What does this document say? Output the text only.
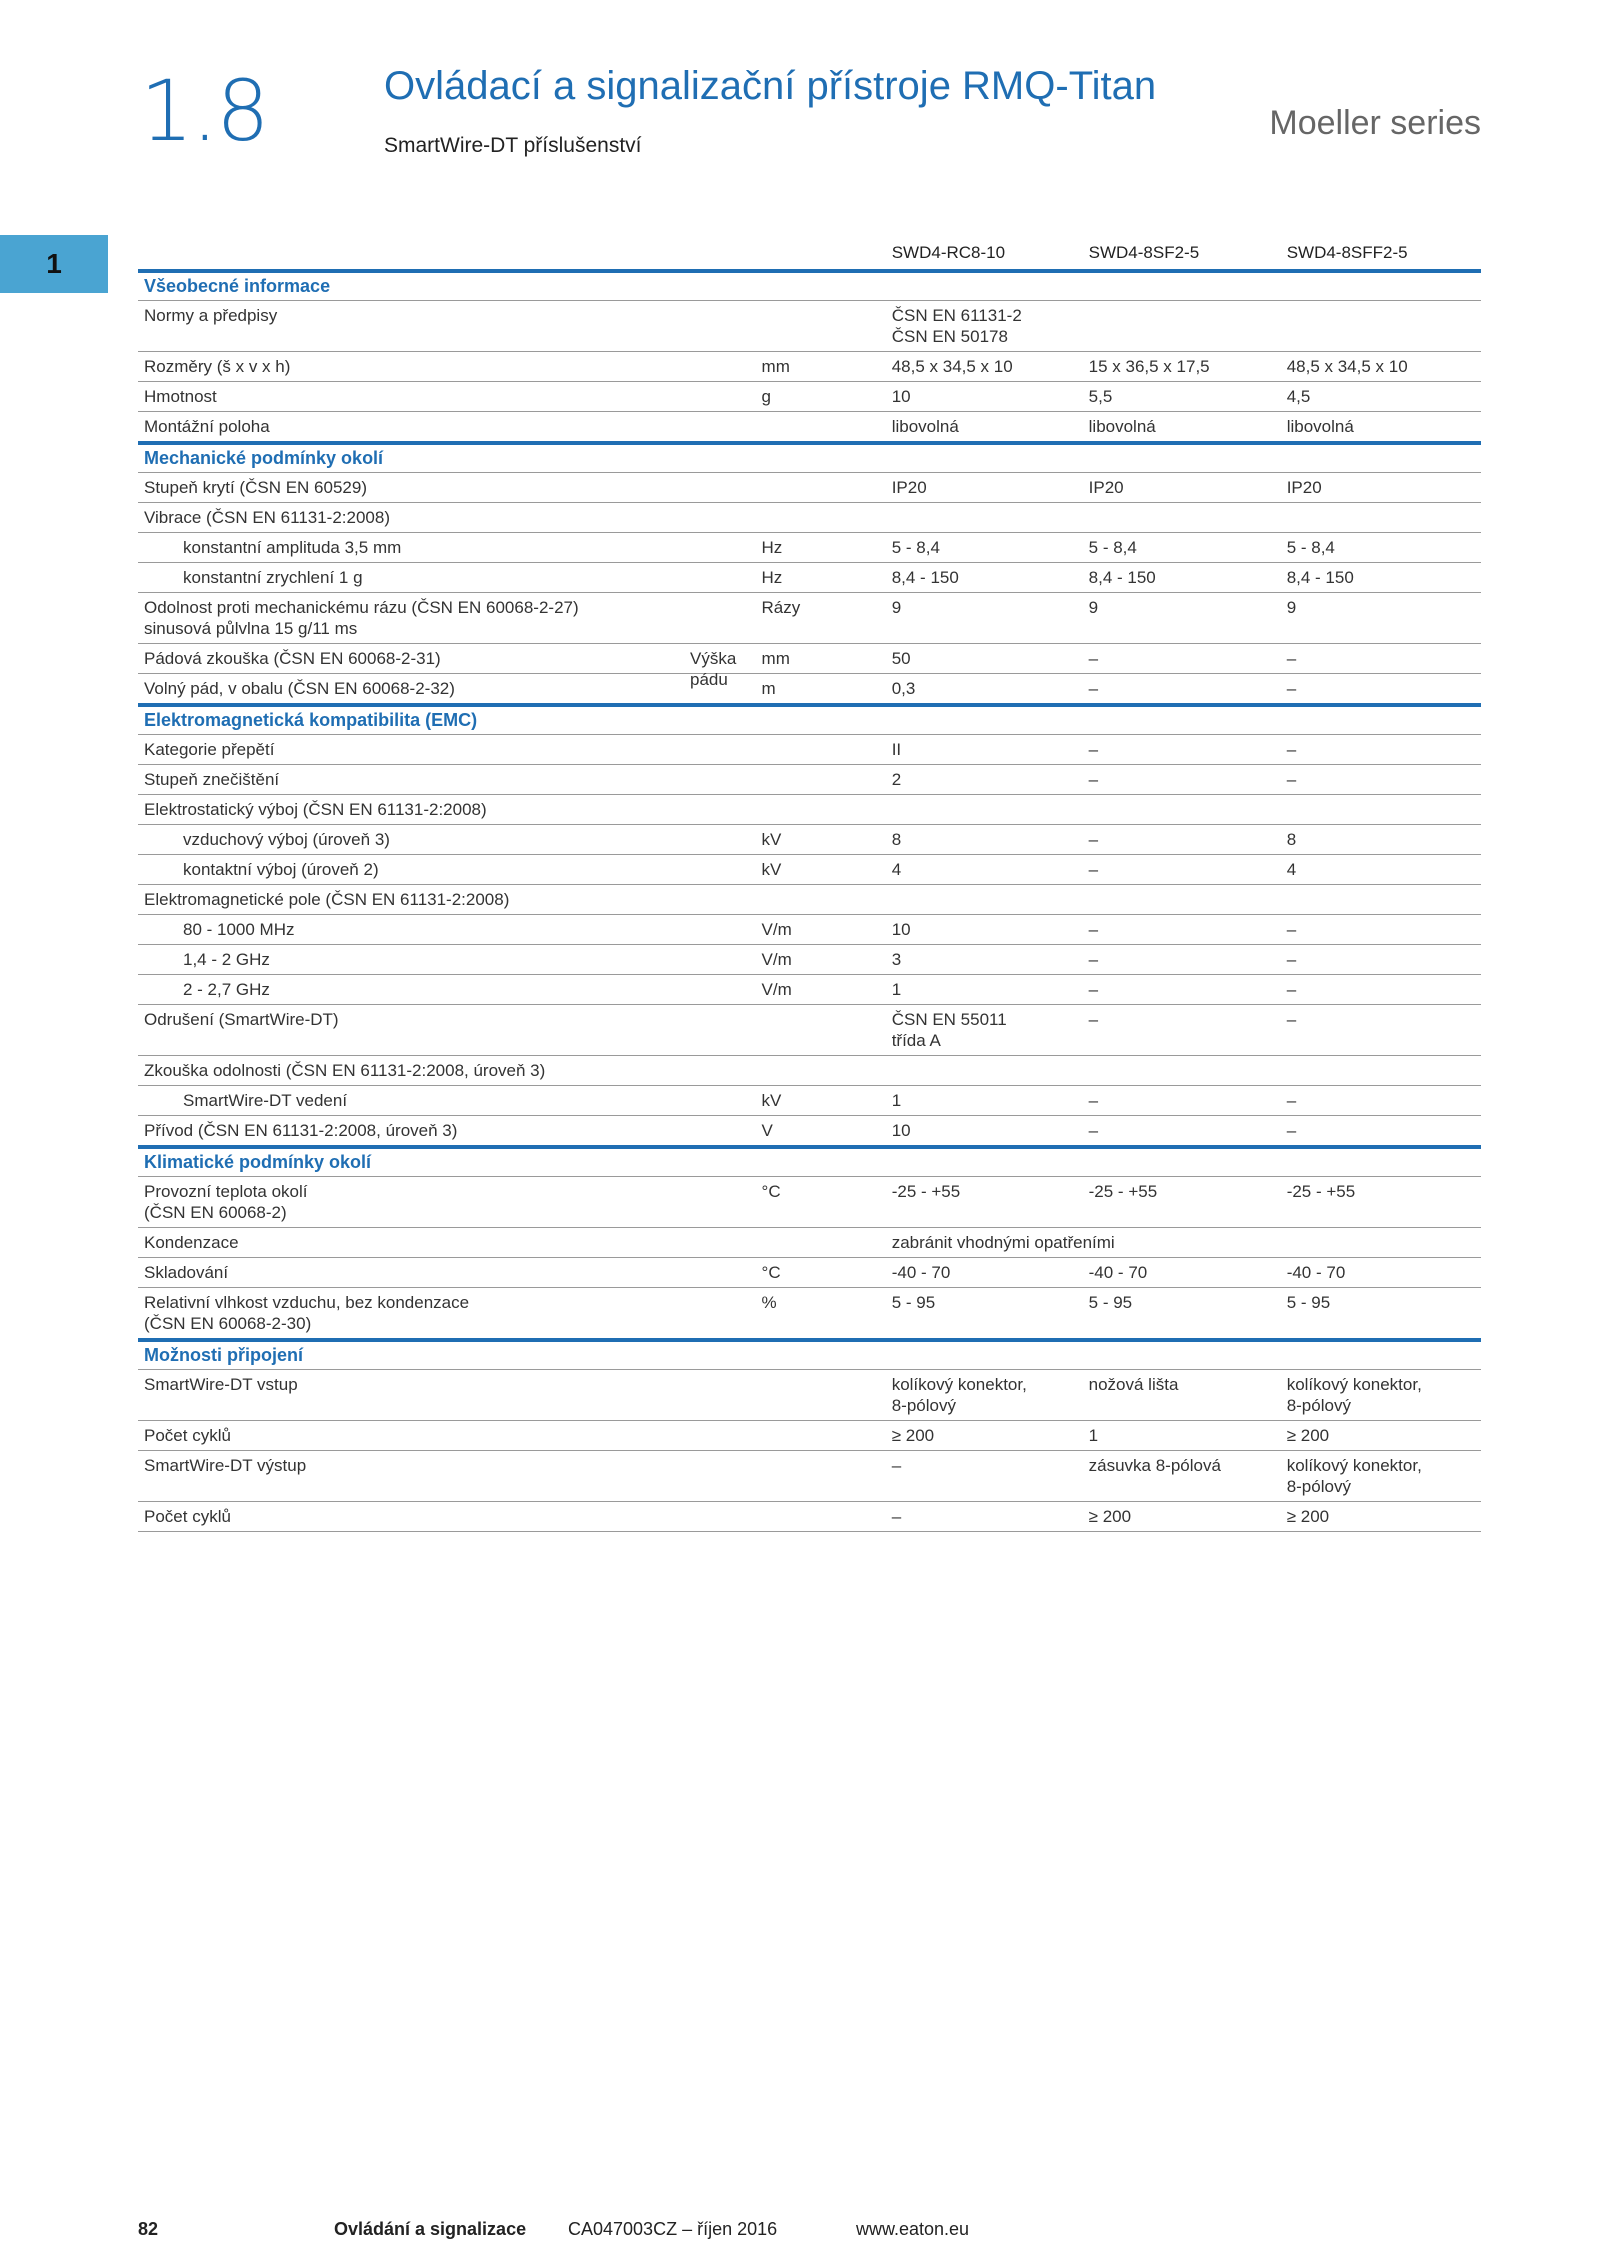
1.8	Ovládací a signalizační přístroje RMQ-Titan
SmartWire-DT příslušenství
Moeller series
1
			SWD4-RC8-10	SWD4-8SF2-5	SWD4-8SFF2-5
Všeobecné informace				
Normy a předpisy		ČSN EN 61131-2
ČSN EN 50178		
Rozměry (š x v x h)	mm	48,5 x 34,5 x 10	15 x 36,5 x 17,5	48,5 x 34,5 x 10
Hmotnost	g	10	5,5	4,5
Montážní poloha		libovolná	libovolná	libovolná
Mechanické podmínky okolí				
Stupeň krytí (ČSN EN 60529)		IP20	IP20	IP20
Vibrace (ČSN EN 61131-2:2008)				
konstantní amplituda 3,5 mm	Hz	5 - 8,4	5 - 8,4	5 - 8,4
konstantní zrychlení 1 g	Hz	8,4 - 150	8,4 - 150	8,4 - 150
Odolnost proti mechanickému rázu (ČSN EN 60068-2-27)
sinusová půlvlna 15 g/11 ms	Rázy	9	9	9
Pádová zkouška (ČSN EN 60068-2-31) Výška pádu	mm	50	–	–
Volný pád, v obalu (ČSN EN 60068-2-32)	m	0,3	–	–
Elektromagnetická kompatibilita (EMC)				
Kategorie přepětí		II	–	–
Stupeň znečištění		2	–	–
Elektrostatický výboj (ČSN EN 61131-2:2008)				
vzduchový výboj (úroveň 3)	kV	8	–	8
kontaktní výboj (úroveň 2)	kV	4	–	4
Elektromagnetické pole (ČSN EN 61131-2:2008)				
80 - 1000 MHz	V/m	10	–	–
1,4 - 2 GHz	V/m	3	–	–
2 - 2,7 GHz	V/m	1	–	–
Odrušení (SmartWire-DT)		ČSN EN 55011
třída A	–	–
Zkouška odolnosti (ČSN EN 61131-2:2008, úroveň 3)				
SmartWire-DT vedení	kV	1	–	–
Přívod (ČSN EN 61131-2:2008, úroveň 3)	V	10	–	–
Klimatické podmínky okolí				
Provozní teplota okolí
(ČSN EN 60068-2)	°C	-25 - +55	-25 - +55	-25 - +55
Kondenzace		zabránit vhodnými opatřeními		
Skladování	°C	-40 - 70	-40 - 70	-40 - 70
Relativní vlhkost vzduchu, bez kondenzace
(ČSN EN 60068-2-30)	%	5 - 95	5 - 95	5 - 95
Možnosti připojení				
SmartWire-DT vstup		kolíkový konektor,
8-pólový	nožová lišta	kolíkový konektor,
8-pólový
Počet cyklů		≥ 200	1	≥ 200
SmartWire-DT výstup		–	zásuvka 8-pólová	kolíkový konektor,
8-pólový
Počet cyklů		–	≥ 200	≥ 200
82	Ovládání a signalizace CA047003CZ – říjen 2016	www.eaton.eu
